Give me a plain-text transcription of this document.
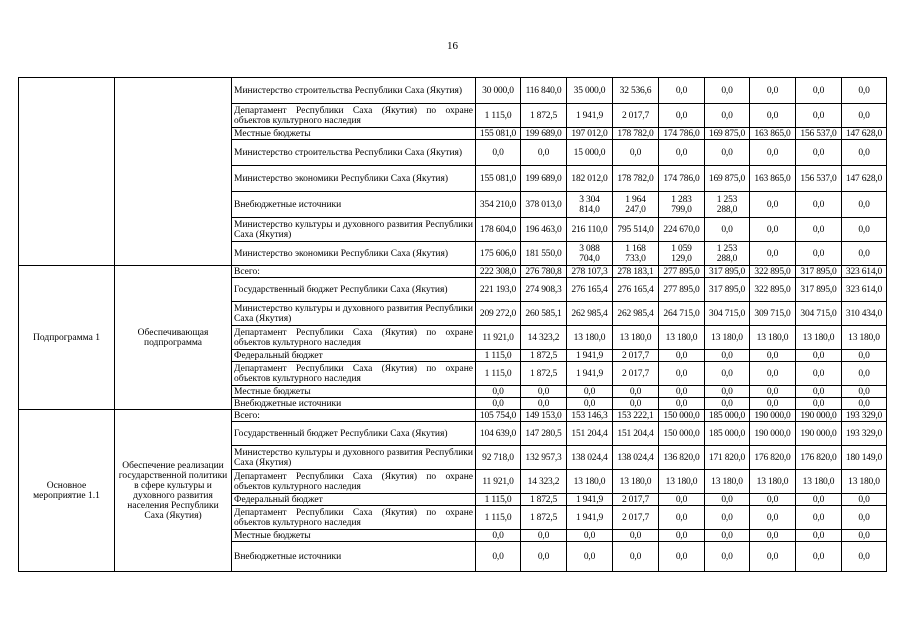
16
		Министерство строительства Республики Саха (Якутия)	30 000,0	116 840,0	35 000,0	32 536,6	0,0	0,0	0,0	0,0	0,0
		Департамент Республики Саха (Якутия) по охране объектов культурного наследия	1 115,0	1 872,5	1 941,9	2 017,7	0,0	0,0	0,0	0,0	0,0
		Местные бюджеты	155 081,0	199 689,0	197 012,0	178 782,0	174 786,0	169 875,0	163 865,0	156 537,0	147 628,0
		Министерство строительства Республики Саха (Якутия)	0,0	0,0	15 000,0	0,0	0,0	0,0	0,0	0,0	0,0
		Министерство экономики Республики Саха (Якутия)	155 081,0	199 689,0	182 012,0	178 782,0	174 786,0	169 875,0	163 865,0	156 537,0	147 628,0
		Внебюджетные источники	354 210,0	378 013,0	3 304 814,0	1 964 247,0	1 283 799,0	1 253 288,0	0,0	0,0	0,0
		Министерство культуры и духовного развития Республики Саха (Якутия)	178 604,0	196 463,0	216 110,0	795 514,0	224 670,0	0,0	0,0	0,0	0,0
		Министерство экономики Республики Саха (Якутия)	175 606,0	181 550,0	3 088 704,0	1 168 733,0	1 059 129,0	1 253 288,0	0,0	0,0	0,0
Подпрограмма 1	Обеспечивающая подпрограмма	Всего:	222 308,0	276 780,8	278 107,3	278 183,1	277 895,0	317 895,0	322 895,0	317 895,0	323 614,0
		Государственный бюджет Республики Саха (Якутия)	221 193,0	274 908,3	276 165,4	276 165,4	277 895,0	317 895,0	322 895,0	317 895,0	323 614,0
		Министерство культуры и духовного развития Республики Саха (Якутия)	209 272,0	260 585,1	262 985,4	262 985,4	264 715,0	304 715,0	309 715,0	304 715,0	310 434,0
		Департамент Республики Саха (Якутия) по охране объектов культурного наследия	11 921,0	14 323,2	13 180,0	13 180,0	13 180,0	13 180,0	13 180,0	13 180,0	13 180,0
		Федеральный бюджет	1 115,0	1 872,5	1 941,9	2 017,7	0,0	0,0	0,0	0,0	0,0
		Департамент Республики Саха (Якутия) по охране объектов культурного наследия	1 115,0	1 872,5	1 941,9	2 017,7	0,0	0,0	0,0	0,0	0,0
		Местные бюджеты	0,0	0,0	0,0	0,0	0,0	0,0	0,0	0,0	0,0
		Внебюджетные источники	0,0	0,0	0,0	0,0	0,0	0,0	0,0	0,0	0,0
Основное мероприятие 1.1	Обеспечение реализации государственной политики в сфере культуры и духовного развития населения Республики Саха (Якутия)	Всего:	105 754,0	149 153,0	153 146,3	153 222,1	150 000,0	185 000,0	190 000,0	190 000,0	193 329,0
		Государственный бюджет Республики Саха (Якутия)	104 639,0	147 280,5	151 204,4	151 204,4	150 000,0	185 000,0	190 000,0	190 000,0	193 329,0
		Министерство культуры и духовного развития Республики Саха (Якутия)	92 718,0	132 957,3	138 024,4	138 024,4	136 820,0	171 820,0	176 820,0	176 820,0	180 149,0
		Департамент Республики Саха (Якутия) по охране объектов культурного наследия	11 921,0	14 323,2	13 180,0	13 180,0	13 180,0	13 180,0	13 180,0	13 180,0	13 180,0
		Федеральный бюджет	1 115,0	1 872,5	1 941,9	2 017,7	0,0	0,0	0,0	0,0	0,0
		Департамент Республики Саха (Якутия) по охране объектов культурного наследия	1 115,0	1 872,5	1 941,9	2 017,7	0,0	0,0	0,0	0,0	0,0
		Местные бюджеты	0,0	0,0	0,0	0,0	0,0	0,0	0,0	0,0	0,0
		Внебюджетные источники	0,0	0,0	0,0	0,0	0,0	0,0	0,0	0,0	0,0
